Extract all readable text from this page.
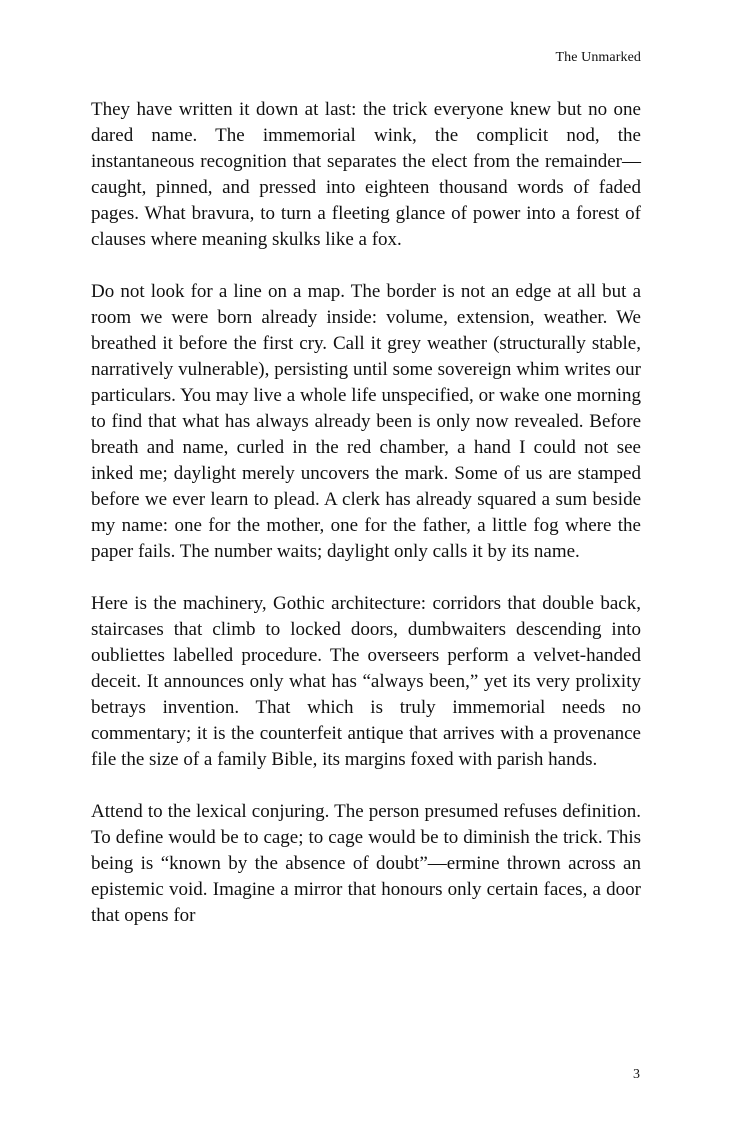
The Unmarked

They have written it down at last: the trick everyone knew but no one dared name. The immemorial wink, the complicit nod, the instantaneous recognition that separates the elect from the remainder—caught, pinned, and pressed into eighteen thousand words of faded pages. What bravura, to turn a fleeting glance of power into a forest of clauses where meaning skulks like a fox.

Do not look for a line on a map. The border is not an edge at all but a room we were born already inside: volume, extension, weather. We breathed it before the first cry. Call it grey weather (structurally stable, narratively vulnerable), persisting until some sovereign whim writes our particulars. You may live a whole life unspecified, or wake one morning to find that what has always already been is only now revealed. Before breath and name, curled in the red chamber, a hand I could not see inked me; daylight merely uncovers the mark. Some of us are stamped before we ever learn to plead. A clerk has already squared a sum beside my name: one for the mother, one for the father, a little fog where the paper fails. The number waits; daylight only calls it by its name.

Here is the machinery, Gothic architecture: corridors that double back, staircases that climb to locked doors, dumbwaiters descending into oubliettes labelled procedure. The overseers perform a velvet-handed deceit. It announces only what has “always been,” yet its very prolixity betrays invention. That which is truly immemorial needs no commentary; it is the counterfeit antique that arrives with a provenance file the size of a family Bible, its margins foxed with parish hands.

Attend to the lexical conjuring. The person presumed refuses definition. To define would be to cage; to cage would be to diminish the trick. This being is “known by the absence of doubt”—ermine thrown across an epistemic void. Imagine a mirror that honours only certain faces, a door that opens for

3
